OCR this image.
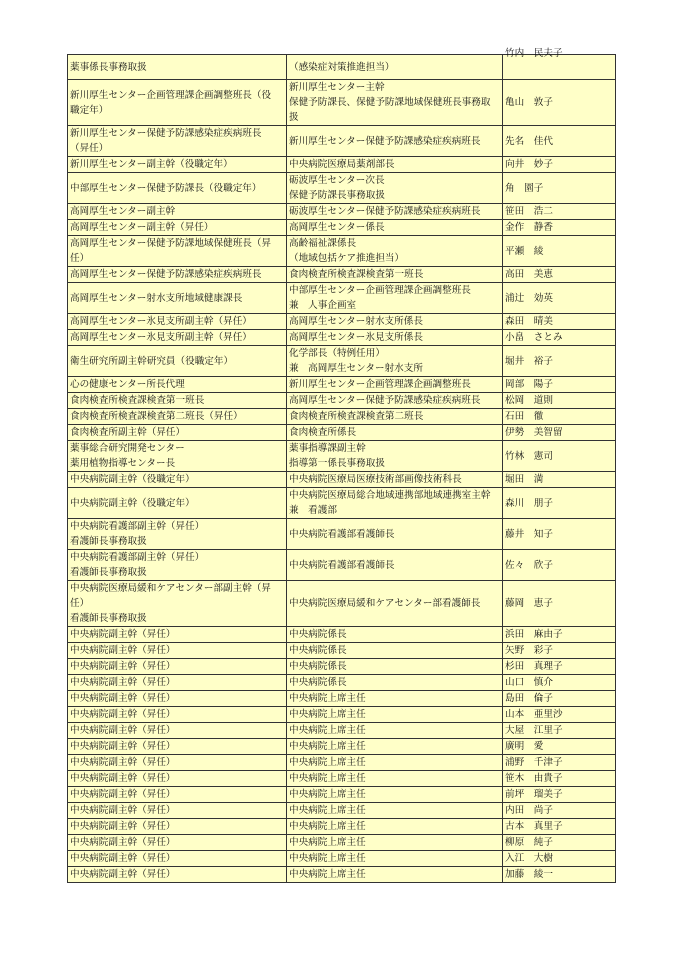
薬事係長事務取扱	（感染症対策推進担当）	竹内　民夫子

新川厚生センター企画管理課企画調整班長（役
職定年）	新川厚生センター主幹
保健予防課長、保健予防課地域保健班長事務取
扱	亀山　敦子

新川厚生センター保健予防課感染症疾病班長
（昇任）	新川厚生センター保健予防課感染症疾病班長	先名　佳代

新川厚生センター副主幹（役職定年）	中央病院医療局薬剤部長	向井　妙子

中部厚生センター保健予防課長（役職定年）	砺波厚生センター次長
保健予防課長事務取扱	角　園子

高岡厚生センター副主幹	砺波厚生センター保健予防課感染症疾病班長	笹田　浩二

高岡厚生センター副主幹（昇任）	高岡厚生センター係長	金作　静香

高岡厚生センター保健予防課地域保健班長（昇
任）	高齢福祉課係長
（地域包括ケア推進担当）	平瀬　綾

高岡厚生センター保健予防課感染症疾病班長	食肉検査所検査課検査第一班長	高田　美恵

高岡厚生センター射水支所地域健康課長	中部厚生センター企画管理課企画調整班長
兼　人事企画室	浦辻　効英

高岡厚生センター氷見支所副主幹（昇任）	高岡厚生センター射水支所係長	森田　晴美

高岡厚生センター氷見支所副主幹（昇任）	高岡厚生センター氷見支所係長	小畠　さとみ

衛生研究所副主幹研究員（役職定年）	化学部長（特例任用）
兼　高岡厚生センター射水支所	堀井　裕子

心の健康センター所長代理	新川厚生センター企画管理課企画調整班長	岡部　陽子

食肉検査所検査課検査第一班長	高岡厚生センター保健予防課感染症疾病班長	松岡　道則

食肉検査所検査課検査第二班長（昇任）	食肉検査所検査課検査第二班長	石田　徹

食肉検査所副主幹（昇任）	食肉検査所係長	伊勢　美智留

薬事総合研究開発センター
薬用植物指導センター長	薬事指導課副主幹
指導第一係長事務取扱	竹林　憲司

中央病院副主幹（役職定年）	中央病院医療局医療技術部画像技術科長	堀田　満

中央病院副主幹（役職定年）	中央病院医療局総合地域連携部地域連携室主幹
兼　看護部	森川　朋子

中央病院看護部副主幹（昇任）
看護師長事務取扱	中央病院看護部看護師長	藤井　知子

中央病院看護部副主幹（昇任）
看護師長事務取扱	中央病院看護部看護師長	佐々　欣子

中央病院医療局緩和ケアセンター部副主幹（昇
任）
看護師長事務取扱	中央病院医療局緩和ケアセンター部看護師長	藤岡　恵子

中央病院副主幹（昇任）	中央病院係長	浜田　麻由子

中央病院副主幹（昇任）	中央病院係長	矢野　彩子

中央病院副主幹（昇任）	中央病院係長	杉田　真理子

中央病院副主幹（昇任）	中央病院係長	山口　慎介

中央病院副主幹（昇任）	中央病院上席主任	島田　倫子

中央病院副主幹（昇任）	中央病院上席主任	山本　亜里沙

中央病院副主幹（昇任）	中央病院上席主任	大屋　江里子

中央病院副主幹（昇任）	中央病院上席主任	廣明　愛

中央病院副主幹（昇任）	中央病院上席主任	浦野　千津子

中央病院副主幹（昇任）	中央病院上席主任	笹木　由貴子

中央病院副主幹（昇任）	中央病院上席主任	前坪　瑠美子

中央病院副主幹（昇任）	中央病院上席主任	内田　尚子

中央病院副主幹（昇任）	中央病院上席主任	古本　真里子

中央病院副主幹（昇任）	中央病院上席主任	柳原　純子

中央病院副主幹（昇任）	中央病院上席主任	入江　大樹

中央病院副主幹（昇任）	中央病院上席主任	加藤　綾一
